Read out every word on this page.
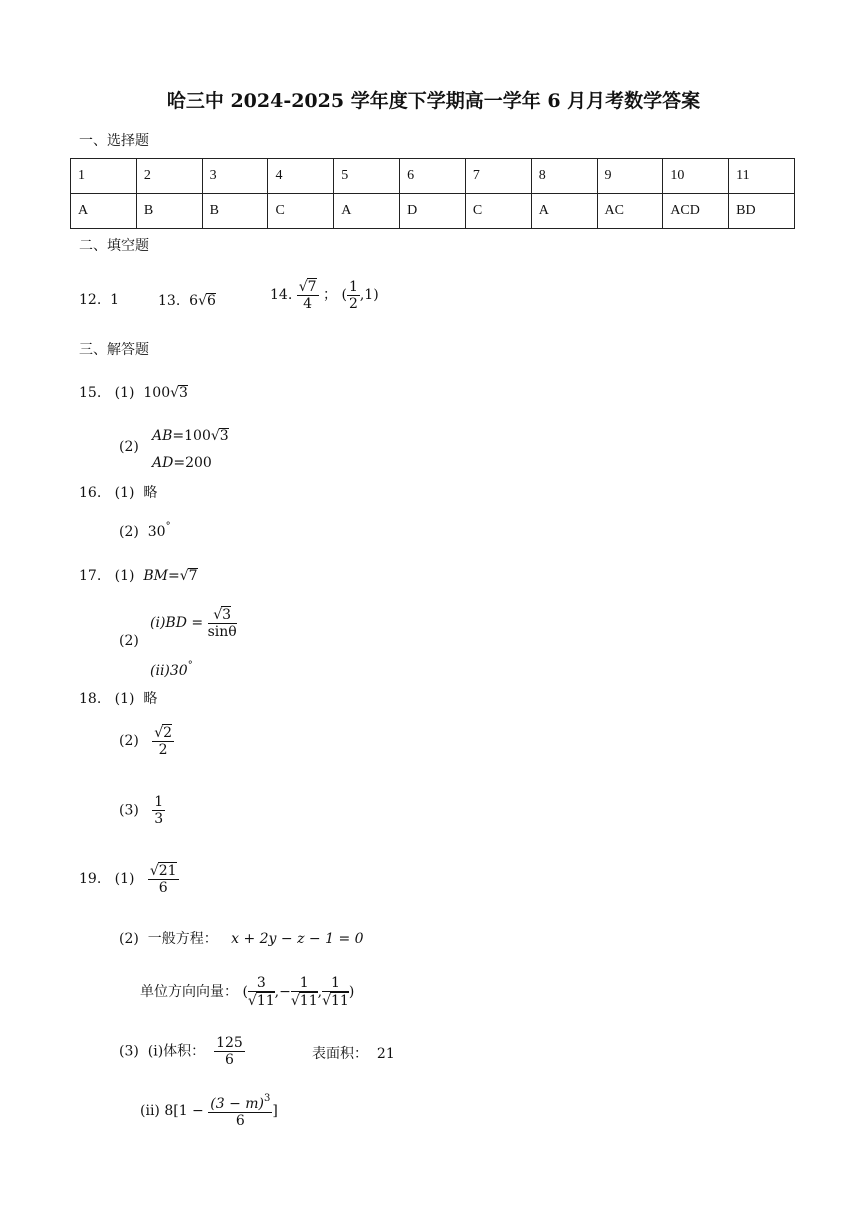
哈三中 2024-2025 学年度下学期高一学年 6 月月考数学答案
一、选择题
1	2	3	4	5	6	7	8	9	10	11
A	B	B	C	A	D	C	A	AC	ACD	BD
二、填空题
12. 1	13. 6√6	14. $\frac{√7}{4}$ ； ( $\frac{1}{2} ,1$)
三、解答题
15. (1) 100√3
(2)
AB=100√3
AD=200
16. (1) 略
(2) 30°
17. (1) BM=√7
(2)
$(i)BD = \frac{√3}{\sin\theta}$
(ii)30°
18. (1) 略
$(2) \frac{√2}{2}$
$(3) \frac{1}{3}$
19. $(1) \frac{√21}{6}$
(2) 一般方程： x + 2y − z − 1 = 0
单位方向向量： ( $\frac{3}{√11}$ ,− $\frac{1}{√11}$ , $\frac{1}{√11}$ )
(3) (i)体积： $\frac{125}{6}$	表面积： 21
(ii) $8[1 - \frac{(3 - m)^3}{6}$ ]
